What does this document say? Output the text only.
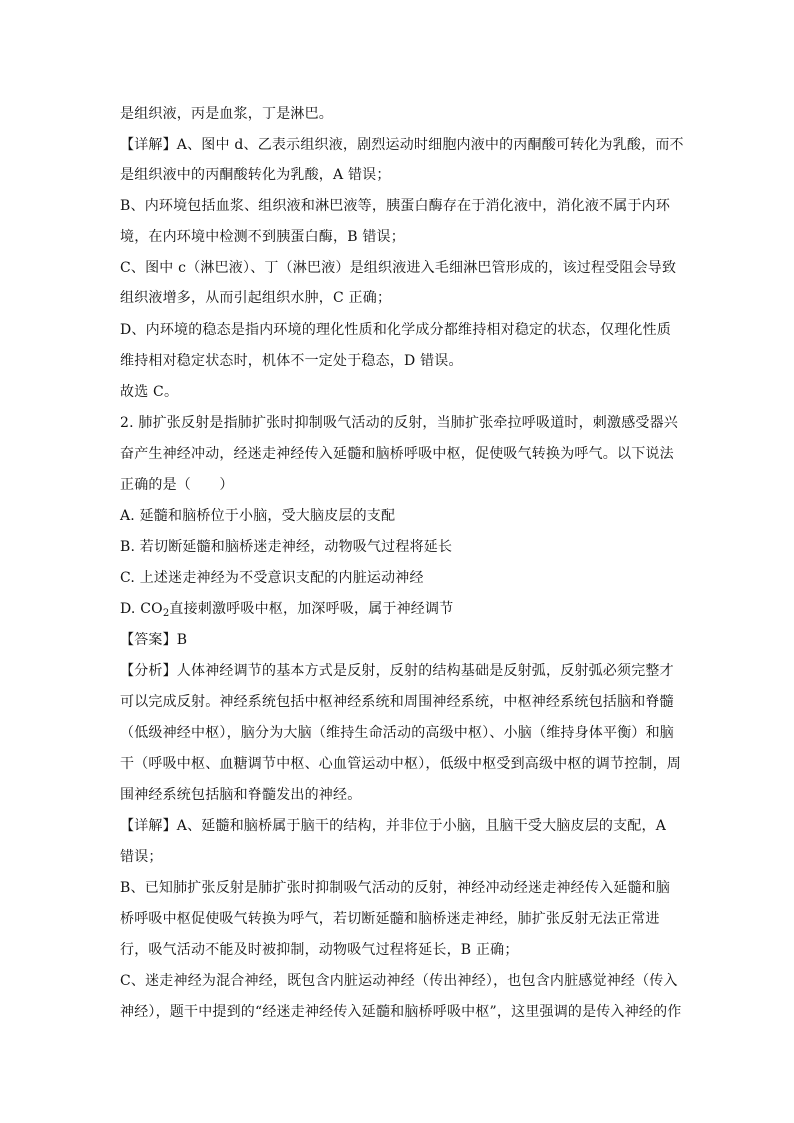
是组织液，丙是血浆，丁是淋巴。
【详解】A、图中 d、乙表示组织液，剧烈运动时细胞内液中的丙酮酸可转化为乳酸，而不
是组织液中的丙酮酸转化为乳酸，A 错误；
B、内环境包括血浆、组织液和淋巴液等，胰蛋白酶存在于消化液中，消化液不属于内环
境，在内环境中检测不到胰蛋白酶，B 错误；
C、图中 c（淋巴液）、丁（淋巴液）是组织液进入毛细淋巴管形成的，该过程受阻会导致
组织液增多，从而引起组织水肿，C 正确；
D、内环境的稳态是指内环境的理化性质和化学成分都维持相对稳定的状态，仅理化性质
维持相对稳定状态时，机体不一定处于稳态，D 错误。
故选 C。
2. 肺扩张反射是指肺扩张时抑制吸气活动的反射，当肺扩张牵拉呼吸道时，刺激感受器兴
奋产生神经冲动，经迷走神经传入延髓和脑桥呼吸中枢，促使吸气转换为呼气。以下说法
正确的是（　　）
A. 延髓和脑桥位于小脑，受大脑皮层的支配
B. 若切断延髓和脑桥迷走神经，动物吸气过程将延长
C. 上述迷走神经为不受意识支配的内脏运动神经
D. $CO_2$直接刺激呼吸中枢，加深呼吸，属于神经调节
【答案】B
【分析】人体神经调节的基本方式是反射，反射的结构基础是反射弧，反射弧必须完整才
可以完成反射。神经系统包括中枢神经系统和周围神经系统，中枢神经系统包括脑和脊髓
（低级神经中枢），脑分为大脑（维持生命活动的高级中枢）、小脑（维持身体平衡）和脑
干（呼吸中枢、血糖调节中枢、心血管运动中枢），低级中枢受到高级中枢的调节控制，周
围神经系统包括脑和脊髓发出的神经。
【详解】A、延髓和脑桥属于脑干的结构，并非位于小脑，且脑干受大脑皮层的支配，A
错误；
B、已知肺扩张反射是肺扩张时抑制吸气活动的反射，神经冲动经迷走神经传入延髓和脑
桥呼吸中枢促使吸气转换为呼气，若切断延髓和脑桥迷走神经，肺扩张反射无法正常进
行，吸气活动不能及时被抑制，动物吸气过程将延长，B 正确；
C、迷走神经为混合神经，既包含内脏运动神经（传出神经），也包含内脏感觉神经（传入
神经），题干中提到的“经迷走神经传入延髓和脑桥呼吸中枢”，这里强调的是传入神经的作
